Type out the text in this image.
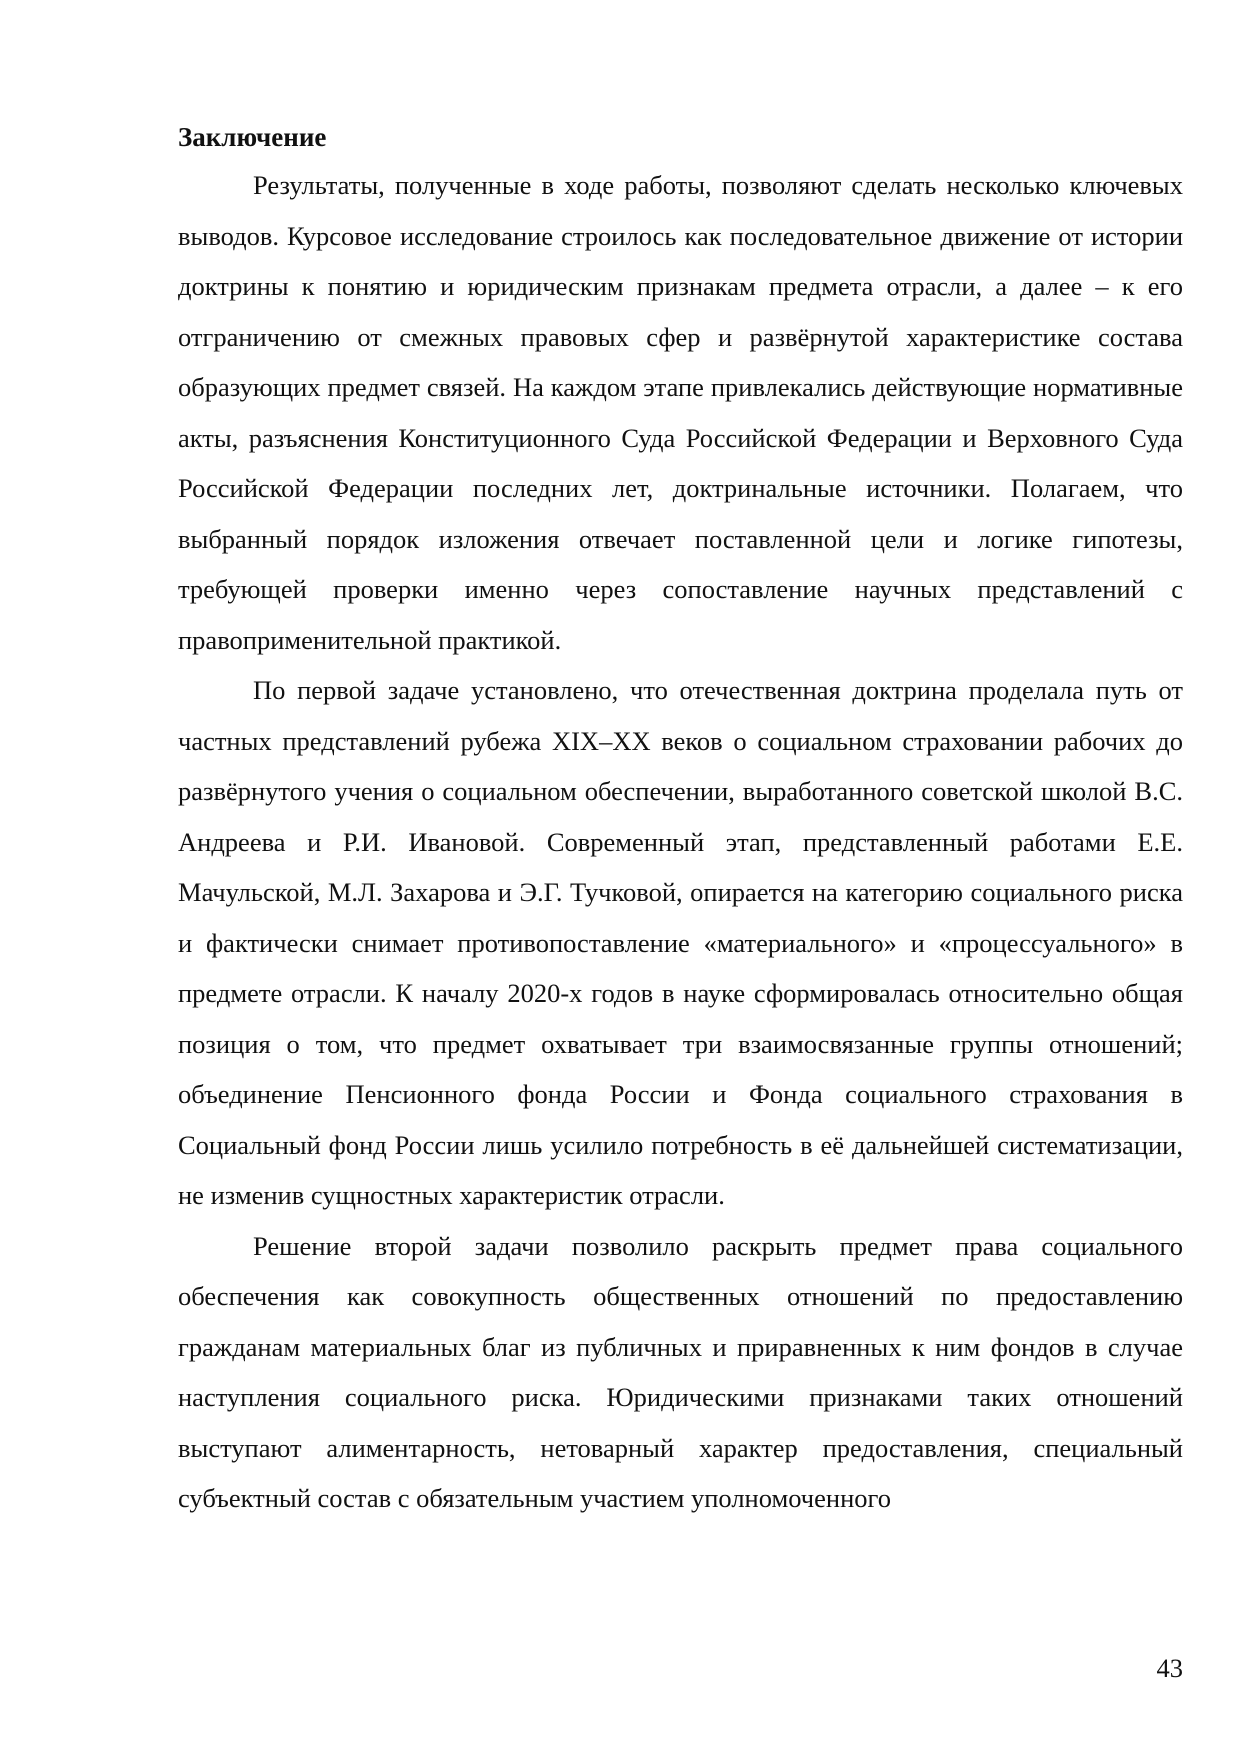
Заключение

Результаты, полученные в ходе работы, позволяют сделать несколько ключевых выводов. Курсовое исследование строилось как последовательное движение от истории доктрины к понятию и юридическим признакам предмета отрасли, а далее – к его отграничению от смежных правовых сфер и развёрнутой характеристике состава образующих предмет связей. На каждом этапе привлекались действующие нормативные акты, разъяснения Конституционного Суда Российской Федерации и Верховного Суда Российской Федерации последних лет, доктринальные источники. Полагаем, что выбранный порядок изложения отвечает поставленной цели и логике гипотезы, требующей проверки именно через сопоставление научных представлений с правоприменительной практикой.

По первой задаче установлено, что отечественная доктрина проделала путь от частных представлений рубежа XIX–XX веков о социальном страховании рабочих до развёрнутого учения о социальном обеспечении, выработанного советской школой В.С. Андреева и Р.И. Ивановой. Современный этап, представленный работами Е.Е. Мачульской, М.Л. Захарова и Э.Г. Тучковой, опирается на категорию социального риска и фактически снимает противопоставление «материального» и «процессуального» в предмете отрасли. К началу 2020-х годов в науке сформировалась относительно общая позиция о том, что предмет охватывает три взаимосвязанные группы отношений; объединение Пенсионного фонда России и Фонда социального страхования в Социальный фонд России лишь усилило потребность в её дальнейшей систематизации, не изменив сущностных характеристик отрасли.

Решение второй задачи позволило раскрыть предмет права социального обеспечения как совокупность общественных отношений по предоставлению гражданам материальных благ из публичных и приравненных к ним фондов в случае наступления социального риска. Юридическими признаками таких отношений выступают алиментарность, нетоварный характер предоставления, специальный субъектный состав с обязательным участием уполномоченного

43
